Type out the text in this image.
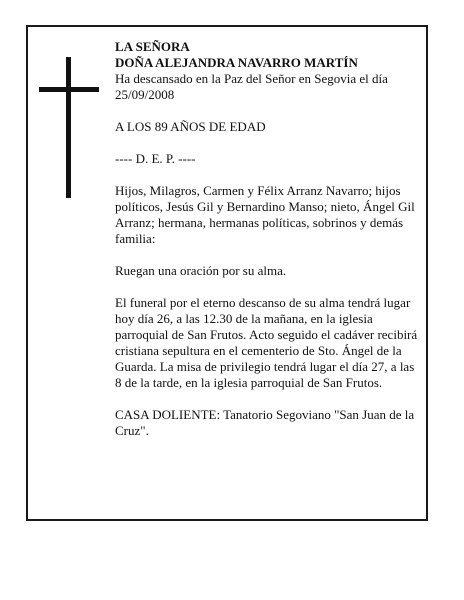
LA SEÑORA

DOÑA ALEJANDRA NAVARRO MARTÍN

Ha descansado en la Paz del Señor en Segovia el día 25/09/2008

A LOS 89 AÑOS DE EDAD

---- D. E. P. ----

Hijos, Milagros, Carmen y Félix Arranz Navarro; hijos políticos, Jesús Gil y Bernardino Manso; nieto, Ángel Gil Arranz; hermana, hermanas políticas, sobrinos y demás familia:

Ruegan una oración por su alma.

El funeral por el eterno descanso de su alma tendrá lugar hoy día 26, a las 12.30 de la mañana, en la iglesia parroquial de San Frutos. Acto seguido el cadáver recibirá cristiana sepultura en el cementerio de Sto. Ángel de la Guarda. La misa de privilegio tendrá lugar el día 27, a las 8 de la tarde, en la iglesia parroquial de San Frutos.

CASA DOLIENTE: Tanatorio Segoviano "San Juan de la Cruz".
